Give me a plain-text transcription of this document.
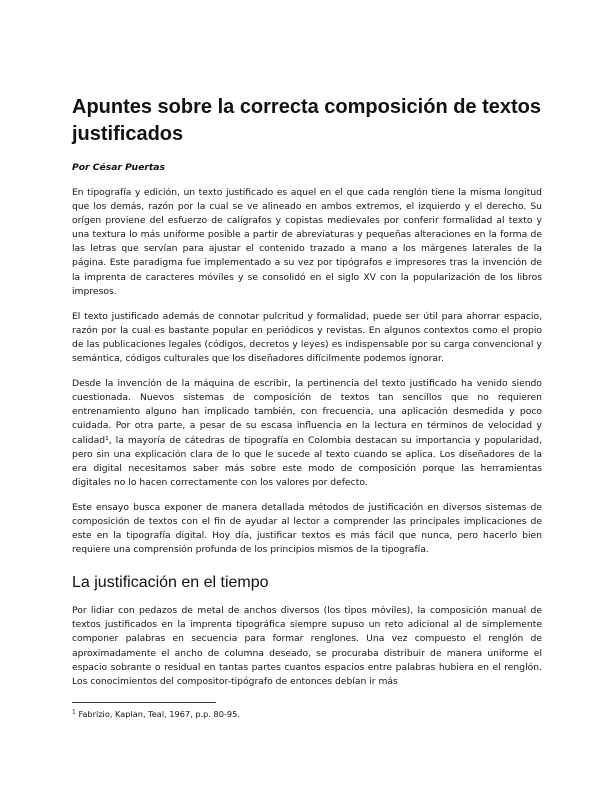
Apuntes sobre la correcta composición de textos justificados

Por César Puertas

En tipografía y edición, un texto justificado es aquel en el que cada renglón tiene la misma longitud que los demás, razón por la cual se ve alineado en ambos extremos, el izquierdo y el derecho. Su orígen proviene del esfuerzo de calígrafos y copistas medievales por conferir formalidad al texto y una textura lo más uniforme posible a partir de abreviaturas y pequeñas alteraciones en la forma de las letras que servían para ajustar el contenido trazado a mano a los márgenes laterales de la página. Este paradigma fue implementado a su vez por tipógrafos e impresores tras la invención de la imprenta de caracteres móviles y se consolidó en el siglo XV con la popularización de los libros impresos.

El texto justificado además de connotar pulcritud y formalidad, puede ser útil para ahorrar espacio, razón por la cual es bastante popular en periódicos y revistas. En algunos contextos como el propio de las publicaciones legales (códigos, decretos y leyes) es indispensable por su carga convencional y semántica, códigos culturales que los diseñadores difícilmente podemos ignorar.

Desde la invención de la máquina de escribir, la pertinencia del texto justificado ha venido siendo cuestionada. Nuevos sistemas de composición de textos tan sencillos que no requieren entrenamiento alguno han implicado también, con frecuencia, una aplicación desmedida y poco cuidada. Por otra parte, a pesar de su escasa influencia en la lectura en términos de velocidad y calidad¹, la mayoría de cátedras de tipografía en Colombia destacan su importancia y popularidad, pero sin una explicación clara de lo que le sucede al texto cuando se aplica. Los diseñadores de la era digital necesitamos saber más sobre este modo de composición porque las herramientas digitales no lo hacen correctamente con los valores por defecto.

Este ensayo busca exponer de manera detallada métodos de justificación en diversos sistemas de composición de textos con el fin de ayudar al lector a comprender las principales implicaciones de este en la tipografía digital. Hoy día, justificar textos es más fácil que nunca, pero hacerlo bien requiere una comprensión profunda de los principios mismos de la tipografía.

La justificación en el tiempo

Por lidiar con pedazos de metal de anchos diversos (los tipos móviles), la composición manual de textos justificados en la imprenta tipográfica siempre supuso un reto adicional al de simplemente componer palabras en secuencia para formar renglones. Una vez compuesto el renglón de aproximadamente el ancho de columna deseado, se procuraba distribuir de manera uniforme el espacio sobrante o residual en tantas partes cuantos espacios entre palabras hubiera en el renglón. Los conocimientos del compositor-tipógrafo de entonces debían ir más

$^1$ Fabrizio, Kaplan, Teal, 1967, p.p. 80-95.
